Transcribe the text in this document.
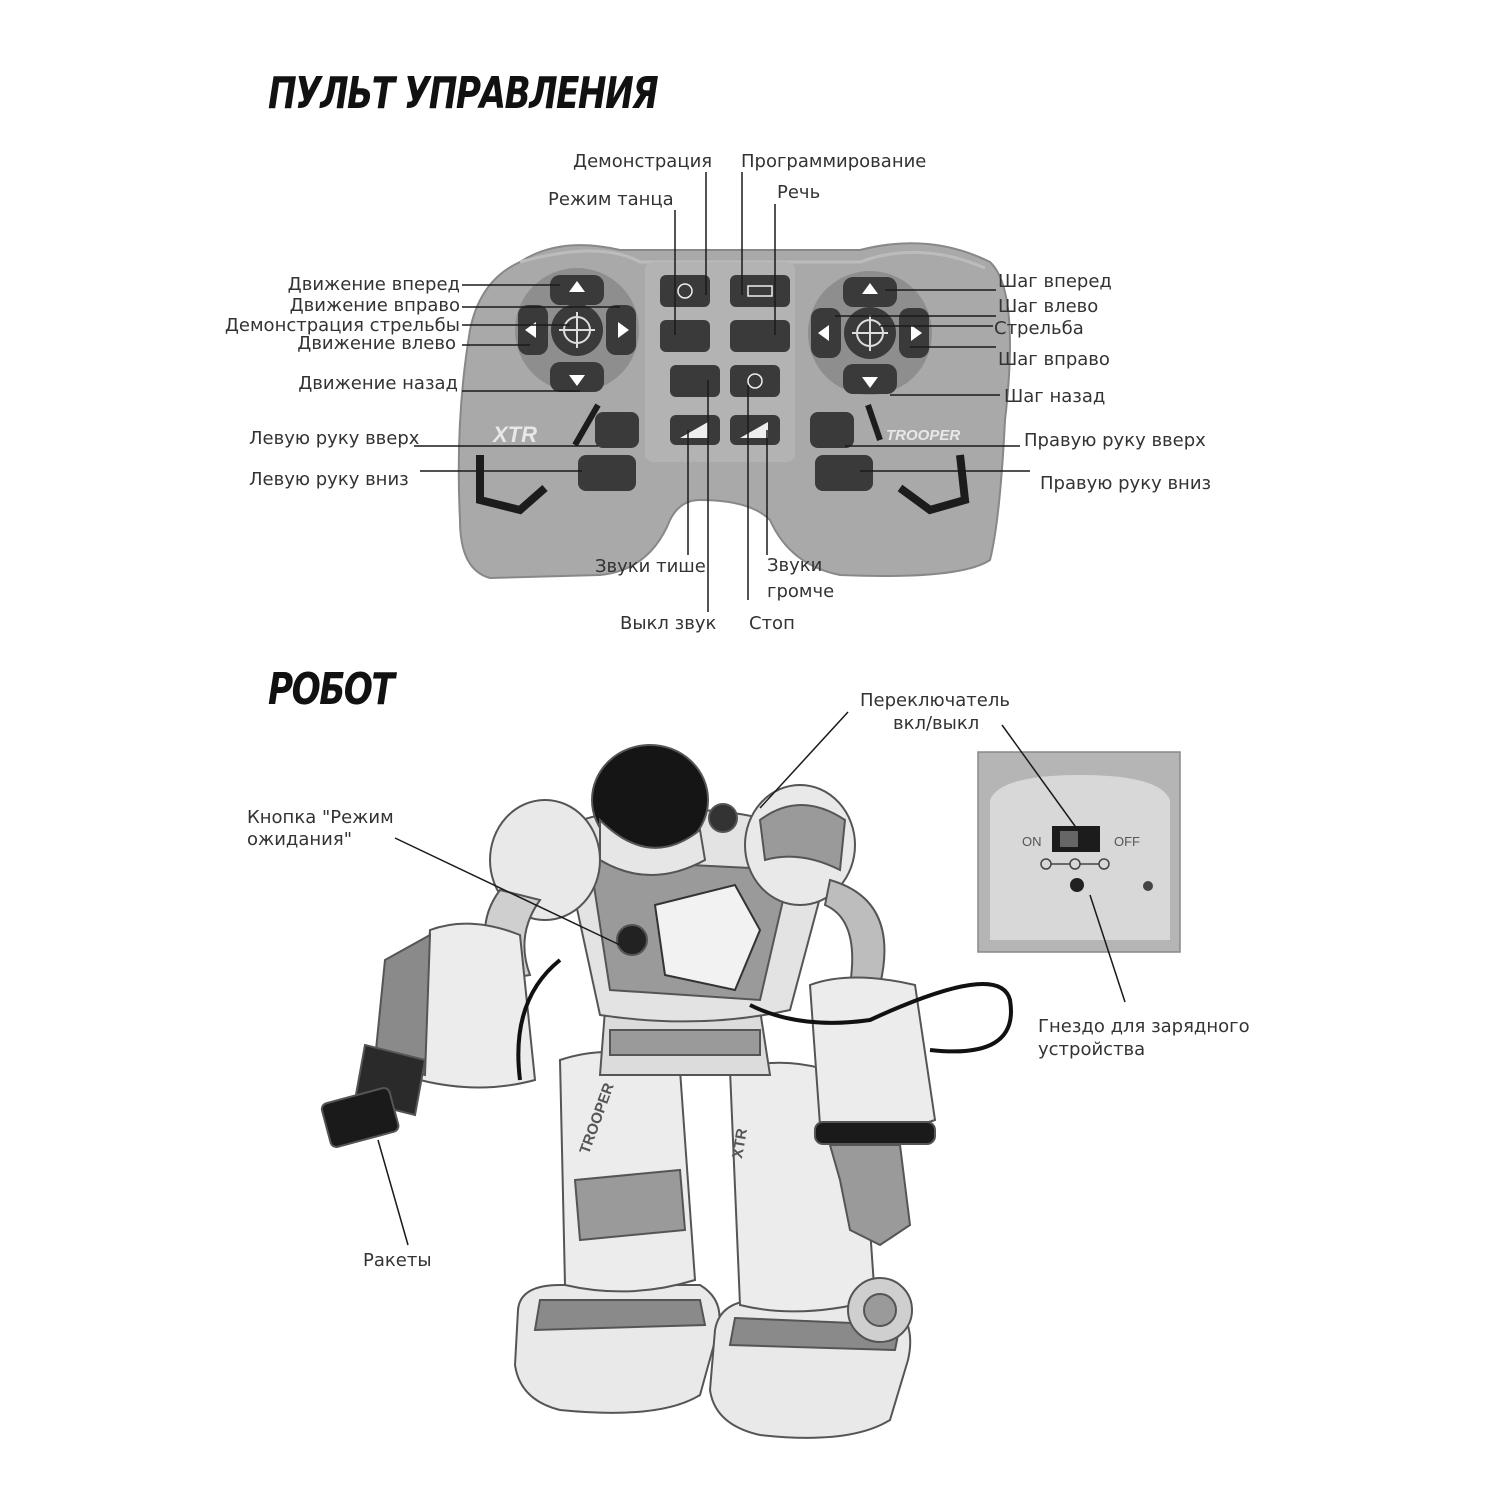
ПУЛЬТ УПРАВЛЕНИЯ
РОБОТ
XTR	TROOPER
Демонстрация Программирование
Режим танца	Речь
Движение вперед
Движение вправо
Демонстрация стрельбы
Движение влево
Движение назад
Левую руку вверх
Левую руку вниз
Шаг вперед
Шаг влево
Стрельба
Шаг вправо
Шаг назад
Правую руку вверх
Правую руку вниз
Звуки тише	Звуки
громче
Выкл звук Стоп
ON	OFF
Переключатель
вкл/выкл
Кнопка "Режим
ожидания"
Гнездо для зарядного
устройства
Ракеты
TROOPER	XTR
